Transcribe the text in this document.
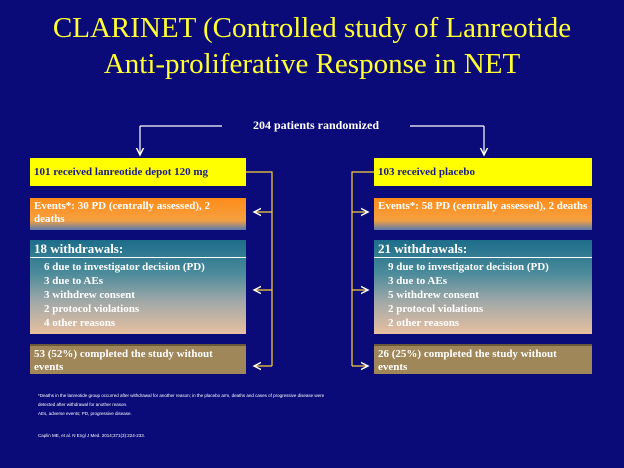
CLARINET (Controlled study of Lanreotide
Anti-proliferative Response in NET
204 patients randomized
101 received lanreotide depot 120 mg
Events*: 30 PD (centrally assessed), 2 deaths
18 withdrawals:
6 due to investigator decision (PD)
3 due to AEs
3 withdrew consent
2 protocol violations
4 other reasons
53 (52%) completed the study without events
103 received placebo
Events*: 58 PD (centrally assessed), 2 deaths
21 withdrawals:
9 due to investigator decision (PD)
3 due to AEs
5 withdrew consent
2 protocol violations
2 other reasons
26 (25%) completed the study without events
*Deaths in the lanreotide group occurred after withdrawal for another reason; in the placebo arm, deaths and cases of progressive disease were
detected after withdrawal for another reason.
AEs, adverse events; PD, progressive disease.
Caplin ME, et al. N Engl J Med. 2014;371(3):224-233.
